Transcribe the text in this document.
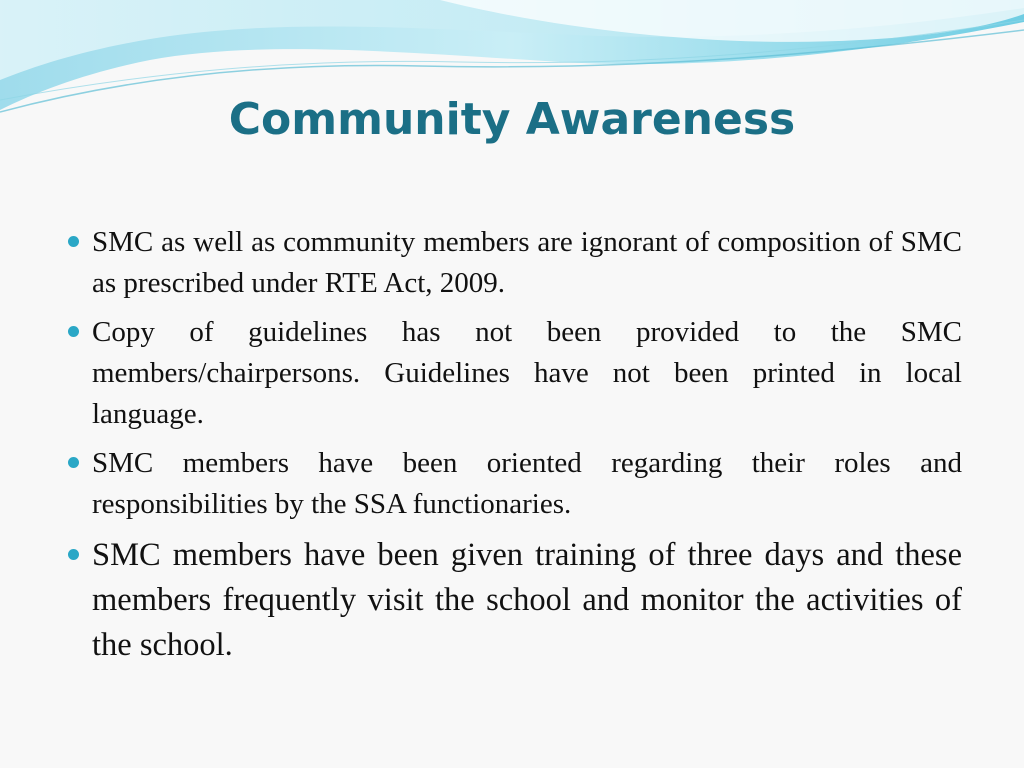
Community Awareness
SMC as well as community members are ignorant of composition of SMC as prescribed under RTE Act, 2009.
Copy of guidelines has not been provided to the SMC members/chairpersons. Guidelines have not been printed in local language.
SMC members have been oriented regarding their roles and responsibilities by the SSA functionaries.
SMC members have been given training of three days and these members frequently visit the school and monitor the activities of the school.
